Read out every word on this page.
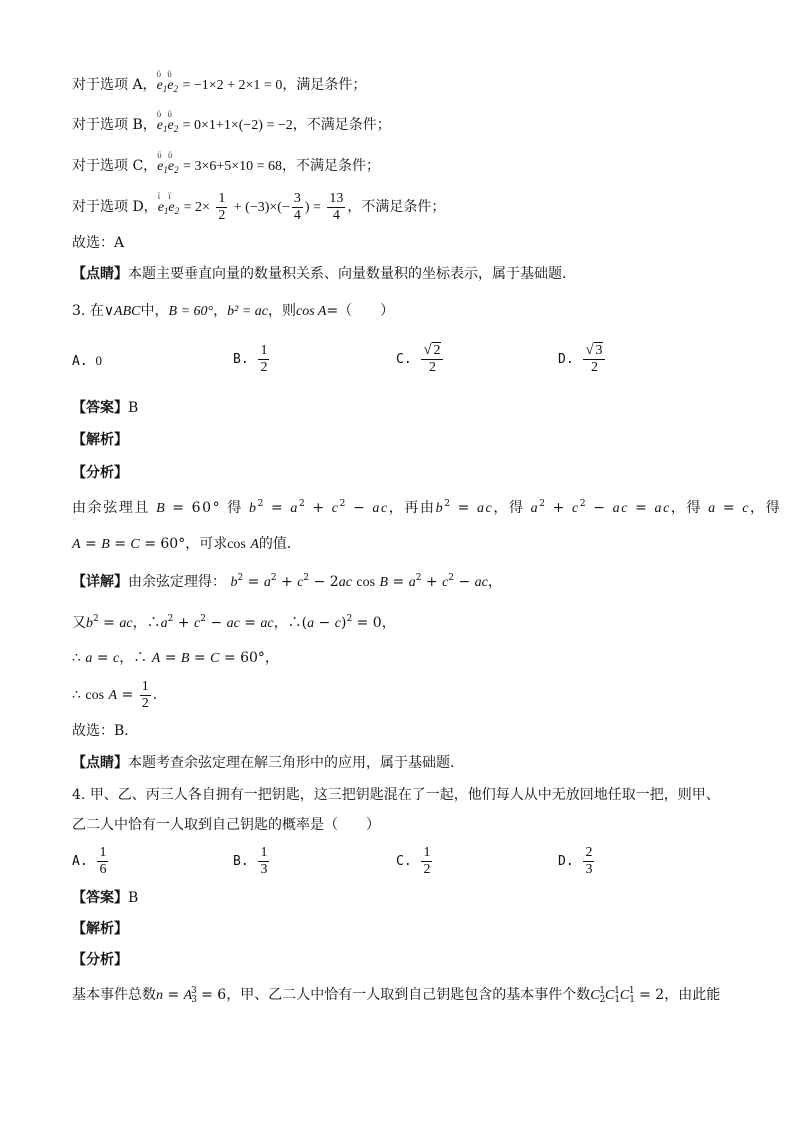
对于选项 A，ϋ $e_1ϋ$ $e_2 = -1\times 2 + 2\times 1 = 0$，满足条件；
对于选项 B，ϋ $e_1ϋ$ $e_2 = 0\times 1+1\times(-2) = -2$，不满足条件；
对于选项 C，ϋ $e_1ϋ$ $e_2 = 3\times 6+5\times 10 = 68$，不满足条件；
对于选项 D，ϊ $e_1ϊ$ $e_2 = 2\times \frac{1}{2} + (-3)\times(- \frac{3}{4}$ ) = $\frac{13}{4}$ ，不满足条件；
故选：A
【点睛】本题主要垂直向量的数量积关系、向量数量积的坐标表示，属于基础题．
3. 在∨ABC中，B = 60°，b² = ac，则cos A=（　　）
A. 0	B. $\frac{1}{2}$	C. √ $\frac{2}{2}$	D. √ $\frac{3}{2}$
【答案】B
【解析】
【分析】
由余弦理且 B = 60° 得 $b^2 = a^2 + c^2$ − ac，再由$b^2$ = ac，得 $a^2 + c^2$ − ac = ac，得 a = c，得
A = B = C = 60°，可求cos A的值．
【详解】由余弦定理得： $b^2 = a^2 + c^2 - 2ac$ $\cos B = a^2 + c^2$ − ac，
又$b^2$ = ac，$\therefore a^2 + c^2$ − ac = ac，∴(a − c)$^2$ = 0，
∴ a = c，∴ A = B = C = 60°，
∴ $\cos A = \frac{1}{2}$ ．
故选：B．
【点睛】本题考查余弦定理在解三角形中的应用，属于基础题．
4. 甲、乙、丙三人各自拥有一把钥匙，这三把钥匙混在了一起，他们每人从中无放回地任取一把，则甲、
乙二人中恰有一人取到自己钥匙的概率是（　　）
A. $\frac{1}{6}$	B. $\frac{1}{3}$	C. $\frac{1}{2}$	D. $\frac{2}{3}$
【答案】B
【解析】
【分析】
基本事件总数$n = A_3^3 = 6$，甲、乙二人中恰有一人取到自己钥匙包含的基本事件个数$C_2^1C_1^1C_1^1 = 2$，由此能
